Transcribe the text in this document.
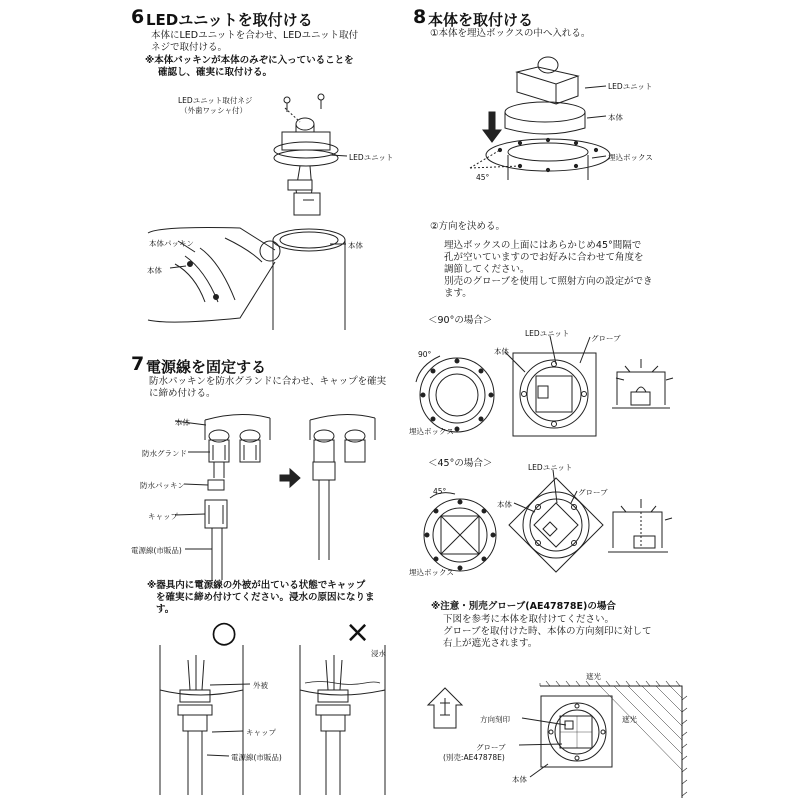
6 LEDユニットを取付ける
本体にLEDユニットを合わせ、LEDユニット取付
ネジで取付ける。
※本体パッキンが本体のみぞに入っていることを
確認し、確実に取付ける。
LEDユニット取付ネジ
（外歯ワッシャ付）
LEDユニット
本体パッキン
本体
本体
7 電源線を固定する
防水パッキンを防水グランドに合わせ、キャップを確実
に締め付ける。
本体
防水グランド
防水パッキン
キャップ
電源線(市販品)
※器具内に電源線の外被が出ている状態でキャップ
を確実に締め付けてください。浸水の原因になりま
す。
○	×
浸水
外被
キャップ
電源線(市販品)
8 本体を取付ける
①本体を埋込ボックスの中へ入れる。
LEDユニット
本体
埋込ボックス
45°
②方向を決める。
埋込ボックスの上面にはあらかじめ45°間隔で
孔が空いていますのでお好みに合わせて角度を
調節してください。
別売のグローブを使用して照射方向の設定ができ
ます。
＜90°の場合＞
90°
LEDユニット
グローブ
本体
埋込ボックス
＜45°の場合＞
45°
LEDユニット
グローブ
本体
埋込ボックス
※注意・別売グローブ(AE47878E)の場合
下図を参考に本体を取付けてください。
グローブを取付けた時、本体の方向刻印に対して
右上が遮光されます。
遮光
遮光
方向刻印
グローブ
(別売:AE47878E)
本体
